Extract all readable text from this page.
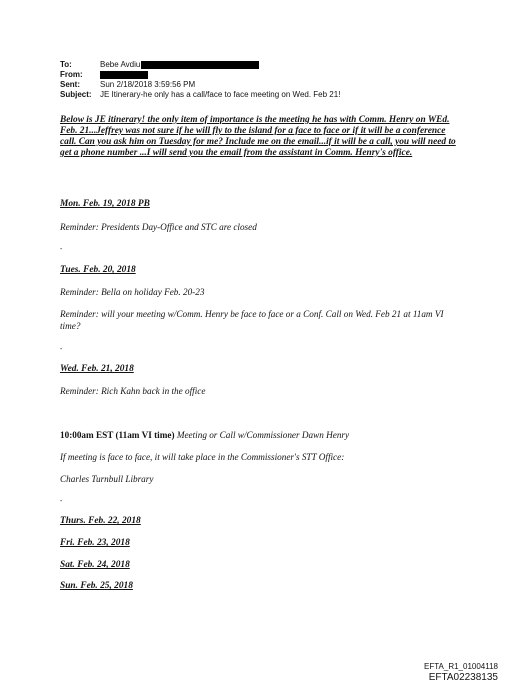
To:	Bebe Avdiu
From:
Sent:	Sun 2/18/2018 3:59:56 PM
Subject: JE Itinerary-he only has a call/face to face meeting on Wed. Feb 21!
Below is JE itinerary! the only item of importance is the meeting he has with Comm. Henry on WEd. Feb. 21...Jeffrey was not sure if he will fly to the island for a face to face or if it will be a conference call. Can you ask him on Tuesday for me? Include me on the email...if it will be a call, you will need to get a phone number ...I will send you the email from the assistant in Comm. Henry's office.
Mon. Feb. 19, 2018 PB
Reminder: Presidents Day-Office and STC are closed
-
Tues. Feb. 20, 2018
Reminder: Bella on holiday Feb. 20-23
Reminder: will your meeting w/Comm. Henry be face to face or a Conf. Call on Wed. Feb 21 at 11am VI time?
-
Wed. Feb. 21, 2018
Reminder: Rich Kahn back in the office
10:00am EST (11am VI time) Meeting or Call w/Commissioner Dawn Henry
If meeting is face to face, it will take place in the Commissioner's STT Office:
Charles Turnbull Library
-
Thurs. Feb. 22, 2018
Fri. Feb. 23, 2018
Sat. Feb. 24, 2018
Sun. Feb. 25, 2018
EFTA_R1_01004118
EFTA02238135
